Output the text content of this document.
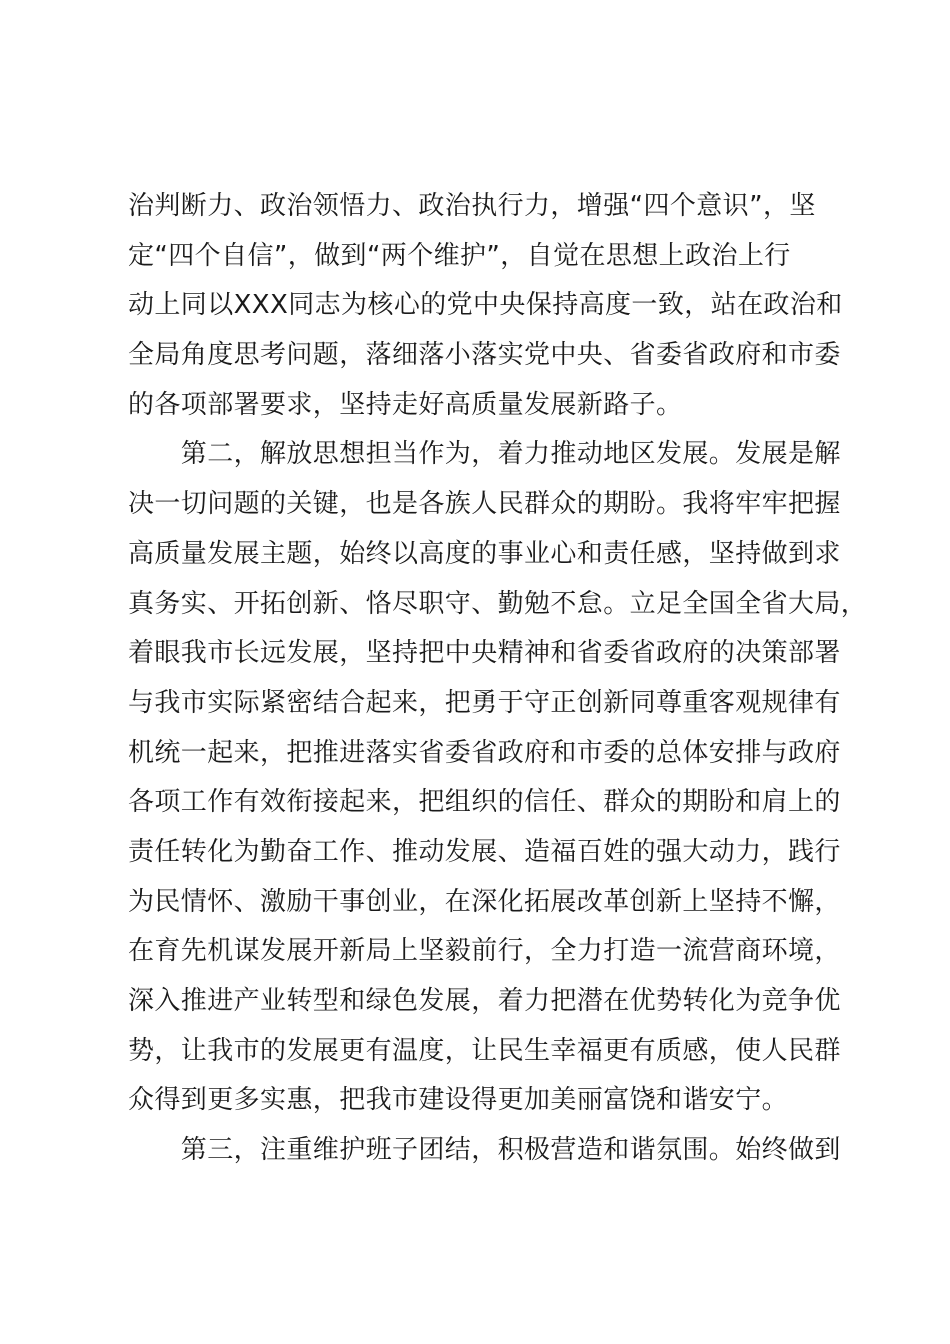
治判断力、政治领悟力、政治执行力，增强“四个意识”，坚
定“四个自信”，做到“两个维护”，自觉在思想上政治上行
动上同以XXX同志为核心的党中央保持高度一致，站在政治和
全局角度思考问题，落细落小落实党中央、省委省政府和市委
的各项部署要求，坚持走好高质量发展新路子。
　　第二，解放思想担当作为，着力推动地区发展。发展是解
决一切问题的关键，也是各族人民群众的期盼。我将牢牢把握
高质量发展主题，始终以高度的事业心和责任感，坚持做到求
真务实、开拓创新、恪尽职守、勤勉不怠。立足全国全省大局，
着眼我市长远发展，坚持把中央精神和省委省政府的决策部署
与我市实际紧密结合起来，把勇于守正创新同尊重客观规律有
机统一起来，把推进落实省委省政府和市委的总体安排与政府
各项工作有效衔接起来，把组织的信任、群众的期盼和肩上的
责任转化为勤奋工作、推动发展、造福百姓的强大动力，践行
为民情怀、激励干事创业，在深化拓展改革创新上坚持不懈，
在育先机谋发展开新局上坚毅前行，全力打造一流营商环境，
深入推进产业转型和绿色发展，着力把潜在优势转化为竞争优
势，让我市的发展更有温度，让民生幸福更有质感，使人民群
众得到更多实惠，把我市建设得更加美丽富饶和谐安宁。
　　第三，注重维护班子团结，积极营造和谐氛围。始终做到
